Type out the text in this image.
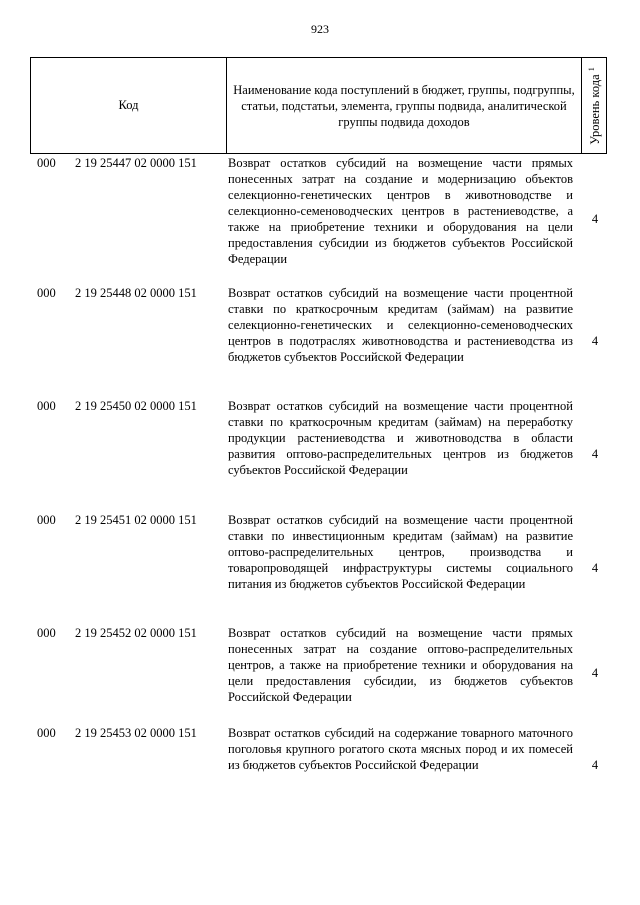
923
Код
Наименование кода поступлений в бюджет, группы, подгруппы, статьи, подстатьи, элемента, группы подвида, аналитической группы подвида доходов	Уровень кода $^1$
000 2 19 25447 02 0000 151 Возврат остатков субсидий на возмещение части прямых понесенных затрат на создание и модернизацию объектов селекционно-генетических центров в животноводстве и селекционно-семеноводческих центров в растениеводстве, а также на приобретение техники и оборудования на цели предоставления субсидии из бюджетов субъектов Российской Федерации
4
000 2 19 25448 02 0000 151 Возврат остатков субсидий на возмещение части процентной ставки по краткосрочным кредитам (займам) на развитие селекционно-генетических и селекционно-семеноводческих центров в подотраслях животноводства и растениеводства из бюджетов субъектов Российской Федерации
4
000 2 19 25450 02 0000 151 Возврат остатков субсидий на возмещение части процентной ставки по краткосрочным кредитам (займам) на переработку продукции растениеводства и животноводства в области развития оптово-распределительных центров из бюджетов субъектов Российской Федерации
4
000 2 19 25451 02 0000 151 Возврат остатков субсидий на возмещение части процентной ставки по инвестиционным кредитам (займам) на развитие оптово-распределительных центров, производства и товаропроводящей инфраструктуры системы социального питания из бюджетов субъектов Российской Федерации
4
000 2 19 25452 02 0000 151 Возврат остатков субсидий на возмещение части прямых понесенных затрат на создание оптово-распределительных центров, а также на приобретение техники и оборудования на цели предоставления субсидии, из бюджетов субъектов Российской Федерации
4
000 2 19 25453 02 0000 151 Возврат остатков субсидий на содержание товарного маточного поголовья крупного рогатого скота мясных пород и их помесей из бюджетов субъектов Российской Федерации	4
